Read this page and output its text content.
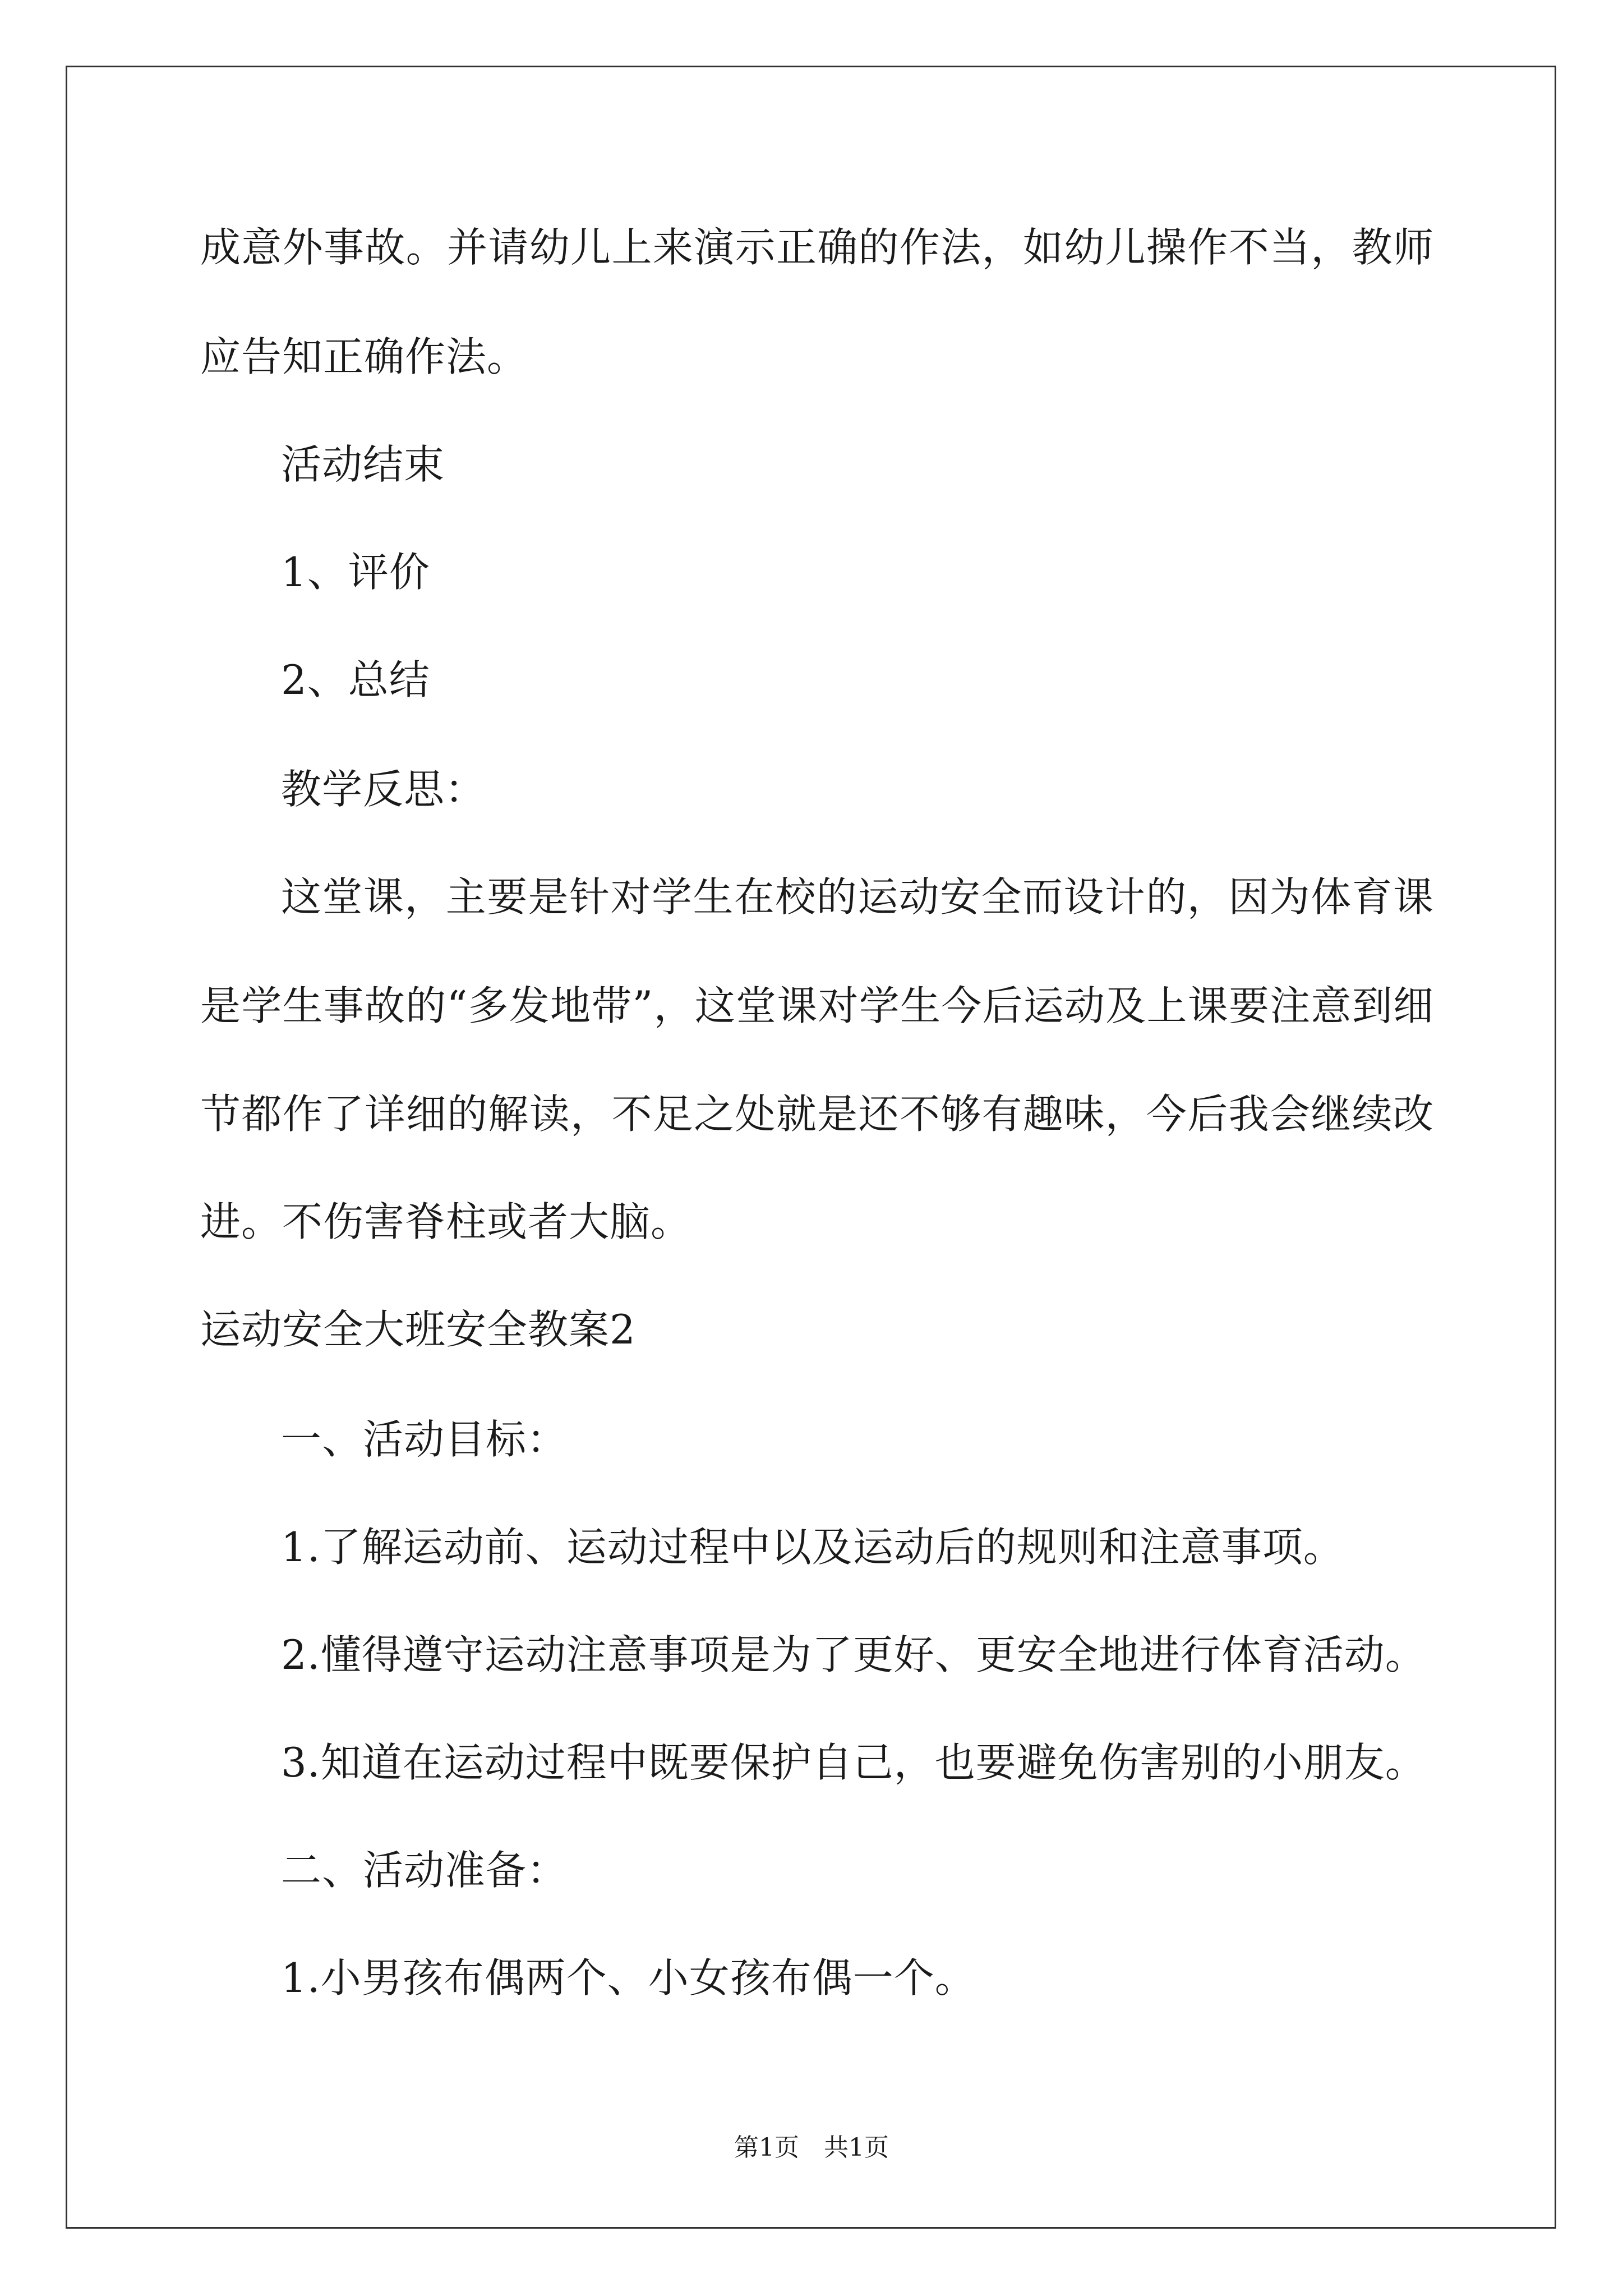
成意外事故。并请幼儿上来演示正确的作法，如幼儿操作不当，教师
应告知正确作法。
活动结束
1、评价
2、总结
教学反思：
这堂课，主要是针对学生在校的运动安全而设计的，因为体育课
是学生事故的“多发地带”，这堂课对学生今后运动及上课要注意到细
节都作了详细的解读，不足之处就是还不够有趣味，今后我会继续改
进。不伤害脊柱或者大脑。
运动安全大班安全教案2
一、活动目标：
1.了解运动前、运动过程中以及运动后的规则和注意事项。
2.懂得遵守运动注意事项是为了更好、更安全地进行体育活动。
3.知道在运动过程中既要保护自己，也要避免伤害别的小朋友。
二、活动准备：
1.小男孩布偶两个、小女孩布偶一个。
第1页　共1页
